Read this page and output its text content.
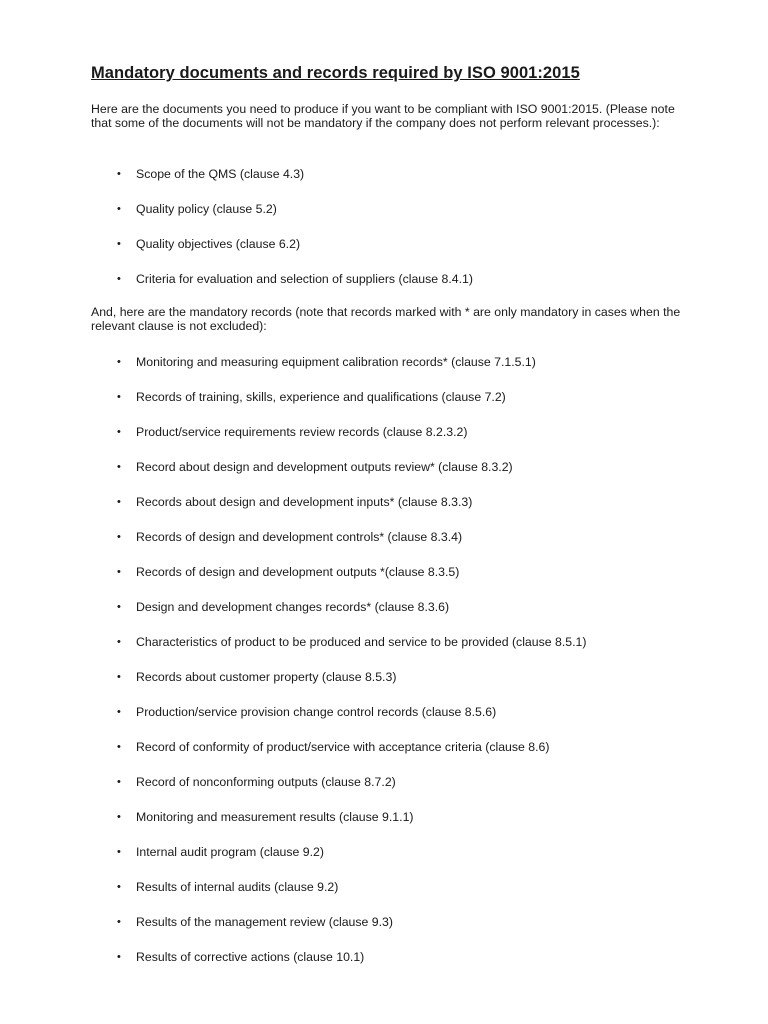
Mandatory documents and records required by ISO 9001:2015

Here are the documents you need to produce if you want to be compliant with ISO 9001:2015. (Please note that some of the documents will not be mandatory if the company does not perform relevant processes.):

• Scope of the QMS (clause 4.3)
• Quality policy (clause 5.2)
• Quality objectives (clause 6.2)
• Criteria for evaluation and selection of suppliers (clause 8.4.1)

And, here are the mandatory records (note that records marked with * are only mandatory in cases when the relevant clause is not excluded):

• Monitoring and measuring equipment calibration records* (clause 7.1.5.1)
• Records of training, skills, experience and qualifications (clause 7.2)
• Product/service requirements review records (clause 8.2.3.2)
• Record about design and development outputs review* (clause 8.3.2)
• Records about design and development inputs* (clause 8.3.3)
• Records of design and development controls* (clause 8.3.4)
• Records of design and development outputs *(clause 8.3.5)
• Design and development changes records* (clause 8.3.6)
• Characteristics of product to be produced and service to be provided (clause 8.5.1)
• Records about customer property (clause 8.5.3)
• Production/service provision change control records (clause 8.5.6)
• Record of conformity of product/service with acceptance criteria (clause 8.6)
• Record of nonconforming outputs (clause 8.7.2)
• Monitoring and measurement results (clause 9.1.1)
• Internal audit program (clause 9.2)
• Results of internal audits (clause 9.2)
• Results of the management review (clause 9.3)
• Results of corrective actions (clause 10.1)
